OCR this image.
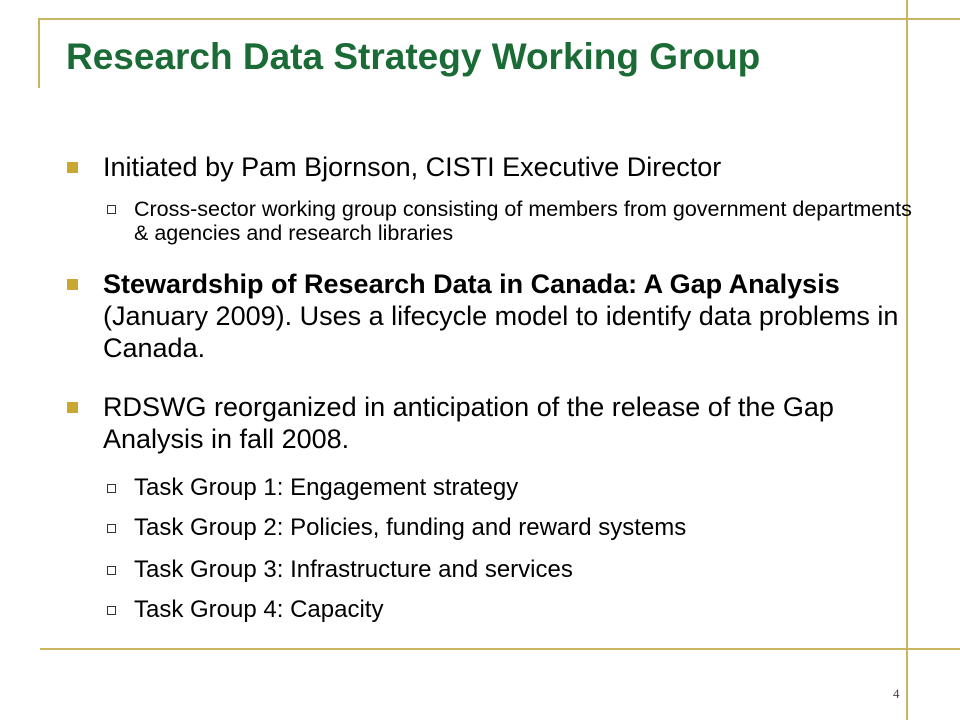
Research Data Strategy Working Group
Initiated by Pam Bjornson, CISTI Executive Director
Cross-sector working group consisting of members from government departments & agencies and research libraries
Stewardship of Research Data in Canada: A Gap Analysis (January 2009). Uses a lifecycle model to identify data problems in Canada.
RDSWG reorganized in anticipation of the release of the Gap Analysis in fall 2008.
Task Group 1: Engagement strategy
Task Group 2: Policies, funding and reward systems
Task Group 3: Infrastructure and services
Task Group 4: Capacity
4
